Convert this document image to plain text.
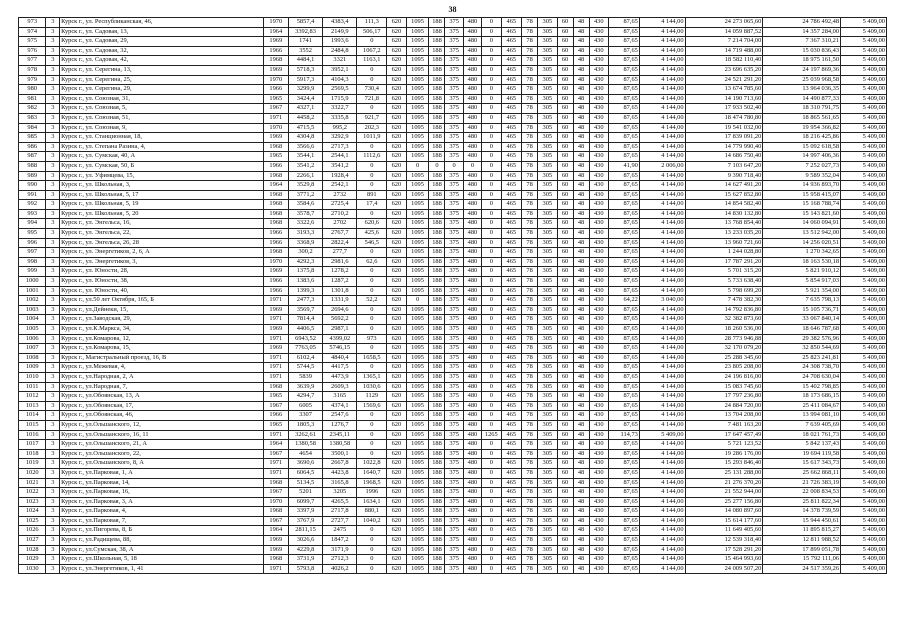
38
973	3	Курск г., ул. Республиканская, 46,	1970	5857,4	4383,4	111,3	620	1095	188	375	480	0	465	78	305	60	48	430	87,65	4 144,00	24 273 065,60	24 786 492,48	5 409,00
974	3	Курск г., ул. Садовая, 13,	1964	3392,83	2149,9	506,17	620	1095	188	375	480	0	465	78	305	60	48	430	87,65	4 144,00	14 059 887,52	14 357 284,00	5 409,00
975	3	Курск г., ул. Садовая, 29,	1969	1741	1993,6	0	620	1095	188	375	480	0	465	78	305	60	48	430	87,65	4 144,00	7 214 704,00	7 367 310,21	5 409,00
976	3	Курск г., ул. Садовая, 32,	1966	3552	2484,8	1067,2	620	1095	188	375	480	0	465	78	305	60	48	430	87,65	4 144,00	14 719 488,00	15 030 836,43	5 409,00
977	3	Курск г., ул. Садовая, 42,	1968	4484,1	3321	1163,1	620	1095	188	375	480	0	465	78	305	60	48	430	87,65	4 144,00	18 582 110,40	18 975 161,50	5 409,00
978	3	Курск г., ул. Серегина, 13,	1969	5718,3	3952,1	0	620	1095	188	375	480	0	465	78	305	60	48	430	87,65	4 144,00	23 696 635,20	24 197 869,36	5 409,00
979	3	Курск г., ул. Серегина, 25,	1970	5917,3	4104,3	0	620	1095	188	375	480	0	465	78	305	60	48	430	87,65	4 144,00	24 521 291,20	25 039 968,58	5 409,00
980	3	Курск г., ул. Серегина, 29,	1966	3299,9	2569,5	730,4	620	1095	188	375	480	0	465	78	305	60	48	430	87,65	4 144,00	13 674 785,60	13 964 036,35	5 409,00
981	3	Курск г., ул. Союзная, 31,	1965	3424,4	1715,9	721,8	620	1095	188	375	480	0	465	78	305	60	48	430	87,65	4 144,00	14 190 713,60	14 490 877,33	5 409,00
982	3	Курск г., ул. Союзная, 5,	1967	4327,1	3322,7	0	620	1095	188	375	480	0	465	78	305	60	48	430	87,65	4 144,00	17 933 502,40	18 310 791,75	5 409,00
983	3	Курск г., ул. Союзная, 51,	1971	4458,2	3335,8	921,7	620	1095	188	375	480	0	465	78	305	60	48	430	87,65	4 144,00	18 474 780,80	18 865 561,65	5 409,00
984	3	Курск г., ул. Союзная, 9,	1970	4715,5	995,2	202,3	620	1095	188	375	480	0	465	78	305	60	48	430	87,65	4 144,00	19 541 032,00	19 954 366,82	5 409,00
985	3	Курск г., ул. Станционная, 18,	1969	4304,8	3292,9	1011,9	620	1095	188	375	480	0	465	78	305	60	48	430	87,65	4 144,00	17 839 091,20	18 216 425,86	5 409,00
986	3	Курск г., ул. Степана Разина, 4,	1968	3566,6	2717,3	0	620	1095	188	375	480	0	465	78	305	60	48	430	87,65	4 144,00	14 779 990,40	15 092 618,58	5 409,00
987	3	Курск г., ул. Сумская, 40, А	1965	3544,1	2544,1	1112,6	620	1095	188	375	480	0	465	78	305	60	48	430	87,65	4 144,00	14 686 750,40	14 997 406,36	5 409,00
988	3	Курск г., ул. Сумская, 50, Б	1966	3541,2	3541,2	0	620	0	0	0	0	0	465	78	305	60	48	430	41,90	2 006,00	7 103 647,20	7 252 027,73	5 409,00
989	3	Курск г., ул. Уфимцева, 15,	1968	2266,1	1928,4	0	620	1095	188	375	480	0	465	78	305	60	48	430	87,65	4 144,00	9 390 718,40	9 589 352,04	5 409,00
990	3	Курск г., ул. Школьная, 3,	1964	3529,8	2542,1	0	620	1095	188	375	480	0	465	78	305	60	48	430	87,65	4 144,00	14 627 491,20	14 936 893,70	5 409,00
991	3	Курск г., ул. Школьная, 5, 17	1968	3771,2	2732	891	620	1095	188	375	480	0	465	78	305	60	48	430	87,65	4 144,00	15 627 852,80	15 958 415,07	5 409,00
992	3	Курск г., ул. Школьная, 5, 19	1968	3584,6	2725,4	17,4	620	1095	188	375	480	0	465	78	305	60	48	430	87,65	4 144,00	14 854 582,40	15 168 788,74	5 409,00
993	3	Курск г., ул. Школьная, 5, 20	1968	3578,7	2710,2	0	620	1095	188	375	480	0	465	78	305	60	48	430	87,65	4 144,00	14 830 132,80	15 143 821,60	5 409,00
994	3	Курск г., ул. Энгельса, 16,	1968	3322,6	2702	620,6	620	1095	188	375	480	0	465	78	305	60	48	430	87,65	4 144,00	13 768 854,40	14 060 094,91	5 409,00
995	3	Курск г., ул. Энгельса, 22,	1966	3193,3	2767,7	425,6	620	1095	188	375	480	0	465	78	305	60	48	430	87,65	4 144,00	13 233 035,20	13 512 942,00	5 409,00
996	3	Курск г., ул. Энгельса, 26, 28	1966	3368,9	2822,4	546,5	620	1095	188	375	480	0	465	78	305	60	48	430	87,65	4 144,00	13 960 721,60	14 256 020,51	5 409,00
997	3	Курск г., ул. Энергетиков, 2, 6, А	1968	300,2	277,7	0	620	1095	188	375	480	0	465	78	305	60	48	430	87,65	4 144,00	1 244 028,80	1 270 342,65	5 409,00
998	3	Курск г., ул. Энергетиков, 3,	1970	4292,3	2981,6	62,6	620	1095	188	375	480	0	465	78	305	60	48	430	87,65	4 144,00	17 787 291,20	18 163 530,18	5 409,00
999	3	Курск г., ул. Юности, 28,	1969	1375,8	1278,2	0	620	1095	188	375	480	0	465	78	305	60	48	430	87,65	4 144,00	5 701 315,20	5 821 910,12	5 409,00
1000	3	Курск г., ул. Юности, 38,	1966	1383,6	1287,2	0	620	1095	188	375	480	0	465	78	305	60	48	430	87,65	4 144,00	5 733 638,40	5 854 917,03	5 409,00
1001	3	Курск г., ул. Юности, 40,	1966	1399,3	1301,8	0	620	1095	188	375	480	0	465	78	305	60	48	430	87,65	4 144,00	5 798 699,20	5 921 354,00	5 409,00
1002	3	Курск г., ул.50 лет Октября, 165, Б	1971	2477,3	1331,9	52,2	620	0	188	375	480	0	465	78	305	60	48	430	64,22	3 040,00	7 478 382,30	7 635 798,13	5 409,00
1003	3	Курск г., ул.Дейнеки, 15,	1969	3569,7	2694,6	0	620	1095	188	375	480	0	465	78	305	60	48	430	87,65	4 144,00	14 792 836,80	15 105 736,71	5 409,00
1004	3	Курск г., ул.Заводская, 29,	1971	7814,4	5692,2	0	620	1095	188	375	480	0	465	78	305	60	48	430	87,65	4 144,00	32 382 873,60	33 067 840,14	5 409,00
1005	3	Курск г., ул.К.Маркса, 34,	1969	4406,5	2987,1	0	620	1095	188	375	480	0	465	78	305	60	48	430	87,65	4 144,00	18 260 536,00	18 646 787,68	5 409,00
1006	3	Курск г., ул.Комарова, 12,	1971	6943,52	4399,02	973	620	1095	188	375	480	0	465	78	305	60	48	430	87,65	4 144,00	28 773 946,88	29 382 576,96	5 409,00
1007	3	Курск г., ул.Комарова, 15,	1969	7763,05	5746,15	0	620	1095	188	375	480	0	465	78	305	60	48	430	87,65	4 144,00	32 170 079,20	32 850 544,69	5 409,00
1008	3	Курск г., Магистральный проезд, 16, В	1971	6102,4	4840,4	1658,5	620	1095	188	375	480	0	465	78	305	60	48	430	87,65	4 144,00	25 288 345,60	25 823 241,81	5 409,00
1009	3	Курск г., ул.Межевая, 4,	1971	5744,5	4417,5	0	620	1095	188	375	480	0	465	78	305	60	48	430	87,65	4 144,00	23 805 208,00	24 308 738,70	5 409,00
1010	3	Курск г., ул.Народная, 2, А	1971	5839	4473,9	1365,1	620	1095	188	375	480	0	465	78	305	60	48	430	87,65	4 144,00	24 196 816,00	24 708 630,04	5 409,00
1011	3	Курск г., ул.Народная, 7,	1968	3639,9	2609,3	1030,6	620	1095	188	375	480	0	465	78	305	60	48	430	87,65	4 144,00	15 083 745,60	15 402 798,85	5 409,00
1012	3	Курск г., ул.Обоянская, 13, А	1965	4294,7	3165	1129	620	1095	188	375	480	0	465	78	305	60	48	430	87,65	4 144,00	17 797 236,80	18 173 686,15	5 409,00
1013	3	Курск г., ул.Обоянская, 17,	1967	6005	4374,1	1569,6	620	1095	188	375	480	0	465	78	305	60	48	430	87,65	4 144,00	24 884 720,00	25 411 084,67	5 409,00
1014	3	Курск г., ул.Обоянская, 46,	1966	3307	2547,6	0	620	1095	188	375	480	0	465	78	305	60	48	430	87,65	4 144,00	13 704 208,00	13 994 081,10	5 409,00
1015	3	Курск г., ул.Ольшанского, 12,	1965	1805,3	1276,7	0	620	1095	188	375	480	0	465	78	305	60	48	430	87,65	4 144,00	7 481 163,20	7 639 405,69	5 409,00
1016	3	Курск г., ул.Ольшанского, 16, 11	1971	3262,61	2345,11	0	620	1095	188	375	480	1265	465	78	305	60	48	430	114,73	5 409,00	17 647 457,49	18 021 761,73	5 409,00
1017	3	Курск г., ул.Ольшанского, 21, А	1964	1380,58	1380,58	0	620	1095	188	375	480	0	465	78	305	60	48	430	87,65	4 144,00	5 721 123,52	5 842 137,43	5 409,00
1018	3	Курск г., ул.Ольшанского, 22,	1967	4654	3500,1	0	620	1095	188	375	480	0	465	78	305	60	48	430	87,65	4 144,00	19 286 176,00	19 694 119,58	5 409,00
1019	3	Курск г., ул.Ольшанского, 8, А	1971	3690,6	2667,8	1022,8	620	1095	188	375	480	0	465	78	305	60	48	430	87,65	4 144,00	15 293 846,40	15 617 343,73	5 409,00
1020	3	Курск г., ул.Парковая, 1, А	1971	6064,5	4423,8	1640,7	620	1095	188	375	480	0	465	78	305	60	48	430	87,65	4 144,00	25 131 288,00	25 662 868,11	5 409,00
1021	3	Курск г., ул.Парковая, 14,	1968	5134,5	3165,8	1968,5	620	1095	188	375	480	0	465	78	305	60	48	430	87,65	4 144,00	21 276 370,20	21 726 383,19	5 409,00
1022	3	Курск г., ул.Парковая, 16,	1967	5201	3205	1996	620	1095	188	375	480	0	465	78	305	60	48	430	87,65	4 144,00	21 552 944,00	22 008 834,53	5 409,00
1023	3	Курск г., ул.Парковая, 3, А	1970	6099,7	4265,5	1634,1	620	1095	188	375	480	0	465	78	305	60	48	430	87,65	4 144,00	25 277 156,80	25 811 822,34	5 409,00
1024	3	Курск г., ул.Парковая, 4,	1968	3397,9	2717,8	880,1	620	1095	188	375	480	0	465	78	305	60	48	430	87,65	4 144,00	14 080 897,60	14 378 739,59	5 409,00
1025	3	Курск г., ул.Парковая, 7,	1967	3767,9	2727,7	1040,2	620	1095	188	375	480	0	465	78	305	60	48	430	87,65	4 144,00	15 614 177,60	15 944 450,61	5 409,00
1026	3	Курск г., ул.Пигорева, 8, Б	1964	2811,15	2475	0	620	1095	188	375	480	0	465	78	305	60	48	430	87,65	4 144,00	11 649 405,60	11 895 815,27	5 409,00
1027	3	Курск г., ул.Радищева, 88,	1969	3026,6	1847,2	0	620	1095	188	375	480	0	465	78	305	60	48	430	87,65	4 144,00	12 539 318,40	12 811 988,52	5 409,00
1028	3	Курск г., ул.Сумская, 38, А	1969	4229,8	3171,9	0	620	1095	188	375	480	0	465	78	305	60	48	430	87,65	4 144,00	17 528 291,20	17 899 051,78	5 409,00
1029	3	Курск г., ул.Школьная, 5, 18	1968	3731,9	2712,3	0	620	1095	188	375	480	0	465	78	305	60	48	430	87,65	4 144,00	15 464 993,60	15 792 111,06	5 409,00
1030	3	Курск г., ул.Энергетиков, 1, 41	1971	5793,8	4026,2	0	620	1095	188	375	480	0	465	78	305	60	48	430	87,65	4 144,00	24 009 507,20	24 517 359,26	5 409,00
